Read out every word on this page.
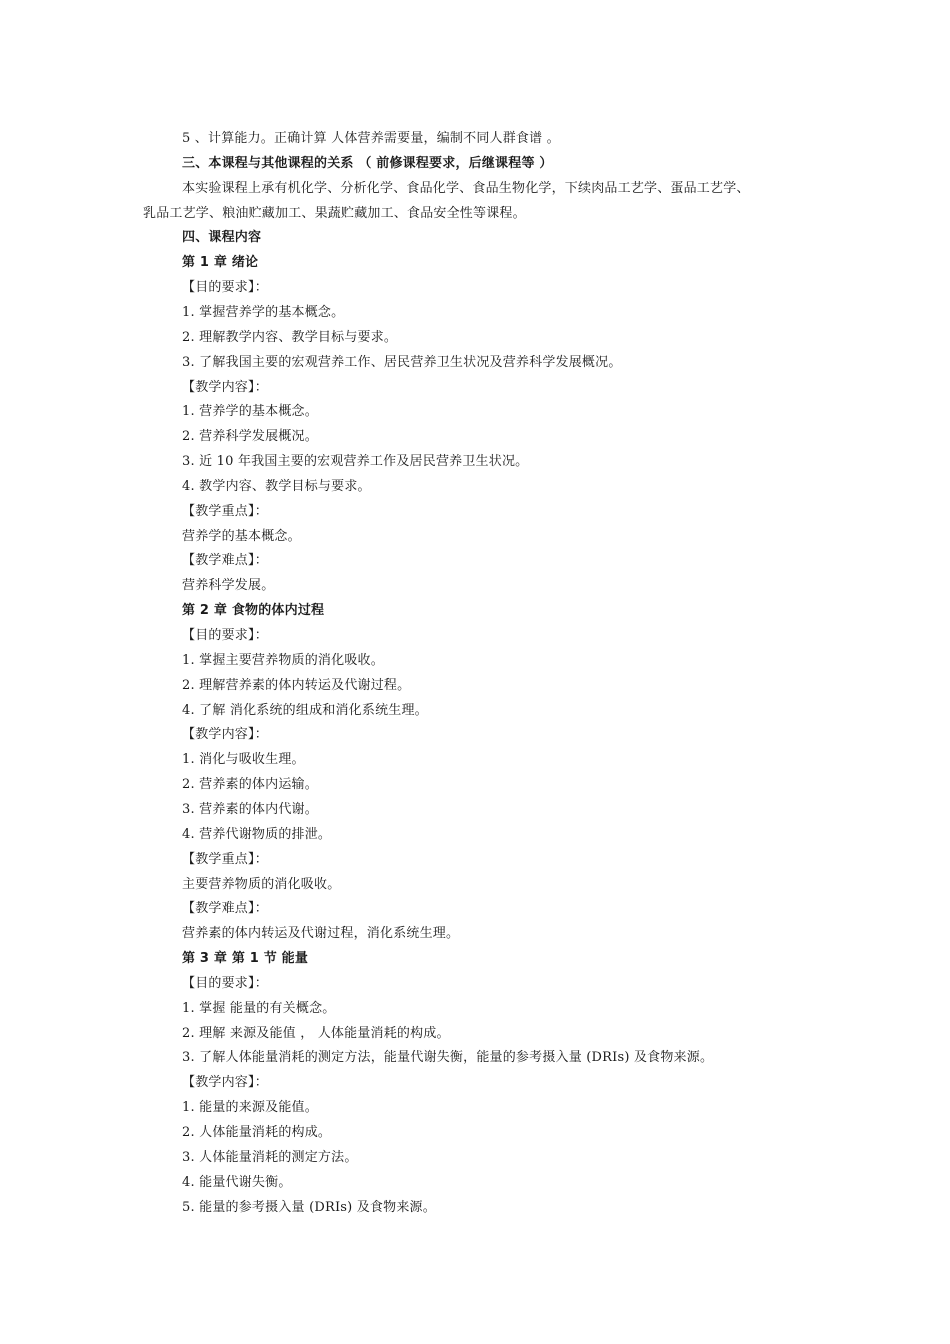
5 、计算能力。正确计算 人体营养需要量，编制不同人群食谱 。
三、本课程与其他课程的关系 （ 前修课程要求，后继课程等 ）
本实验课程上承有机化学、分析化学、食品化学、食品生物化学，下续肉品工艺学、蛋品工艺学、
乳品工艺学、粮油贮藏加工、果蔬贮藏加工、食品安全性等课程。
四、课程内容
第 1 章 绪论
【目的要求】：
1. 掌握营养学的基本概念。
2. 理解教学内容、教学目标与要求。
3. 了解我国主要的宏观营养工作、居民营养卫生状况及营养科学发展概况。
【教学内容】：
1. 营养学的基本概念。
2. 营养科学发展概况。
3. 近 10 年我国主要的宏观营养工作及居民营养卫生状况。
4. 教学内容、教学目标与要求。
【教学重点】：
营养学的基本概念。
【教学难点】：
营养科学发展。
第 2 章 食物的体内过程
【目的要求】：
1. 掌握主要营养物质的消化吸收。
2. 理解营养素的体内转运及代谢过程。
4. 了解 消化系统的组成和消化系统生理。
【教学内容】：
1. 消化与吸收生理。
2. 营养素的体内运输。
3. 营养素的体内代谢。
4. 营养代谢物质的排泄。
【教学重点】：
主要营养物质的消化吸收。
【教学难点】：
营养素的体内转运及代谢过程，消化系统生理。
第 3 章 第 1 节 能量
【目的要求】：
1. 掌握 能量的有关概念。
2. 理解 来源及能值 ， 人体能量消耗的构成。
3. 了解人体能量消耗的测定方法，能量代谢失衡，能量的参考摄入量 (DRIs) 及食物来源。
【教学内容】：
1. 能量的来源及能值。
2. 人体能量消耗的构成。
3. 人体能量消耗的测定方法。
4. 能量代谢失衡。
5. 能量的参考摄入量 (DRIs) 及食物来源。
